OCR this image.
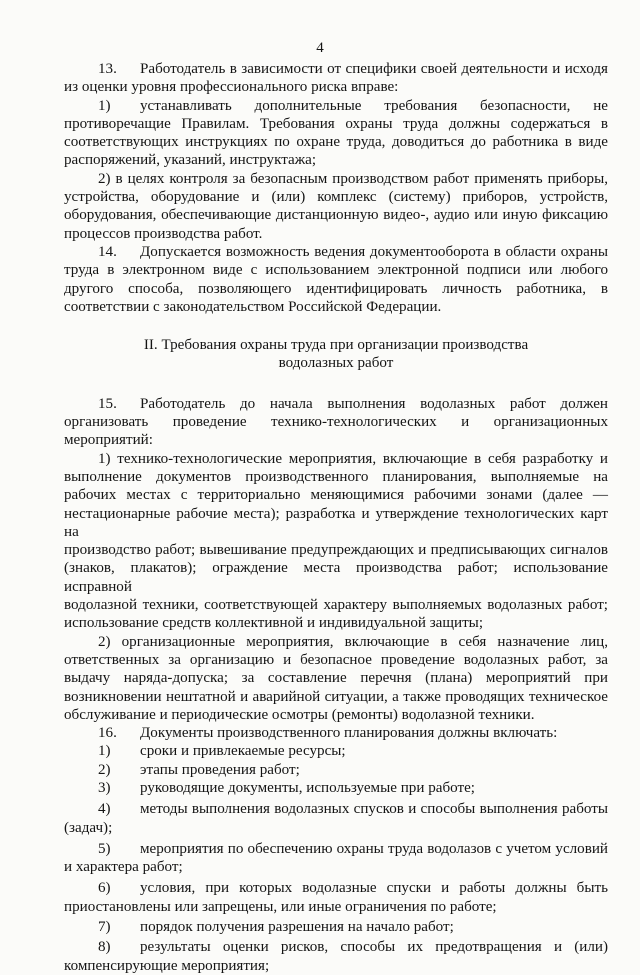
4

13. Работодатель в зависимости от специфики своей деятельности и исходя

из оценки уровня профессионального риска вправе:

1) устанавливать дополнительные требования безопасности, не

противоречащие Правилам. Требования охраны труда должны содержаться в

соответствующих инструкциях по охране труда, доводиться до работника в виде

распоряжений, указаний, инструктажа;

2) в целях контроля за безопасным производством работ применять приборы,

устройства, оборудование и (или) комплекс (систему) приборов, устройств,

оборудования, обеспечивающие дистанционную видео-, аудио или иную фиксацию

процессов производства работ.

14. Допускается возможность ведения документооборота в области охраны

труда в электронном виде с использованием электронной подписи или любого

другого способа, позволяющего идентифицировать личность работника, в

соответствии с законодательством Российской Федерации.

II. Требования охраны труда при организации производства

водолазных работ

15. Работодатель до начала выполнения водолазных работ должен

организовать проведение технико-технологических и организационных

мероприятий:

1) технико-технологические мероприятия, включающие в себя разработку и

выполнение документов производственного планирования, выполняемые на

рабочих местах с территориально меняющимися рабочими зонами (далее —

нестационарные рабочие места); разработка и утверждение технологических карт на

производство работ; вывешивание предупреждающих и предписывающих сигналов

(знаков, плакатов); ограждение места производства работ; использование исправной

водолазной техники, соответствующей характеру выполняемых водолазных работ;

использование средств коллективной и индивидуальной защиты;

2) организационные мероприятия, включающие в себя назначение лиц,

ответственных за организацию и безопасное проведение водолазных работ, за

выдачу наряда-допуска; за составление перечня (плана) мероприятий при

возникновении нештатной и аварийной ситуации, а также проводящих техническое

обслуживание и периодические осмотры (ремонты) водолазной техники.

16. Документы производственного планирования должны включать:

1) сроки и привлекаемые ресурсы;

2) этапы проведения работ;

3) руководящие документы, используемые при работе;

4) методы выполнения водолазных спусков и способы выполнения работы

(задач);

5) мероприятия по обеспечению охраны труда водолазов с учетом условий

и характера работ;

6) условия, при которых водолазные спуски и работы должны быть

приостановлены или запрещены, или иные ограничения по работе;

7) порядок получения разрешения на начало работ;

8) результаты оценки рисков, способы их предотвращения и (или)

компенсирующие мероприятия;
